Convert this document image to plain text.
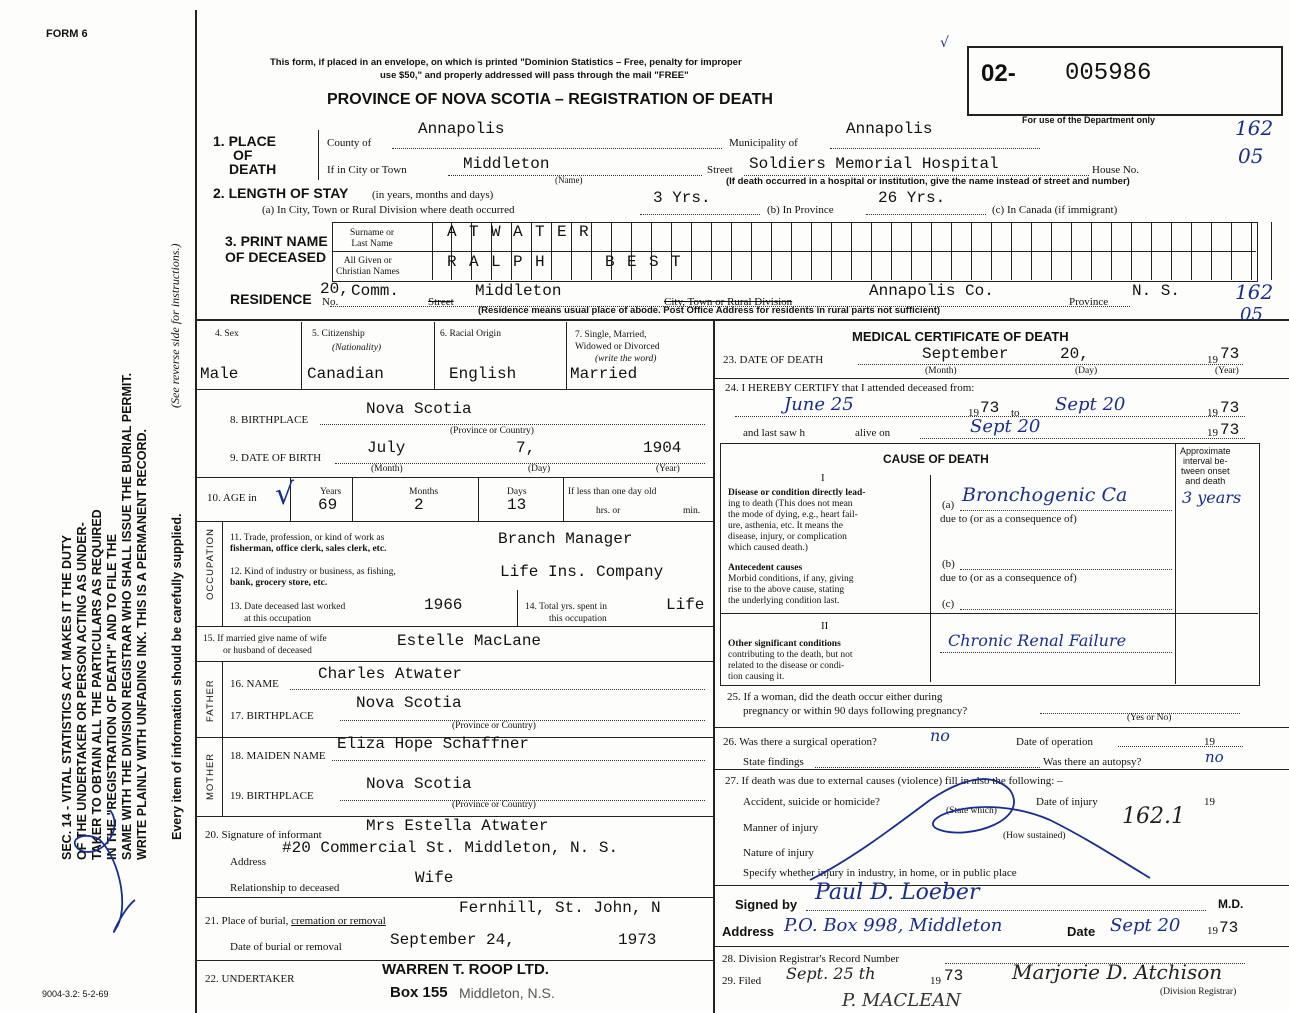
FORM 6
This form, if placed in an envelope, on which is printed "Dominion Statistics – Free, penalty for improper
use $50," and properly addressed will pass through the mail "FREE"
PROVINCE OF NOVA SCOTIA – REGISTRATION OF DEATH
√
02- 005986
For use of the Department only
SEC. 14 - VITAL STATISTICS ACT MAKES IT THE DUTY OF THE UNDERTAKER OR PERSON ACTING AS UNDER- TAKER TO OBTAIN ALL THE PARTICULARS AS REQUIRED IN THE "REGISTRATION OF DEATH" AND TO FILE THE SAME WITH THE DIVISION REGISTRAR WHO SHALL ISSUE THE BURIAL PERMIT. WRITE PLAINLY WITH UNFADING INK. THIS IS A PERMANENT RECORD.
(See reverse side for instructions.)
Every item of information should be carefully supplied.
9004-3.2: 5-2-69
1. PLACE
OF
DEATH
County of
Annapolis
Municipality of
Annapolis
If in City or Town	Middleton
(Name)
Street Soldiers Memorial Hospital	House No.
(If death occurred in a hospital or institution, give the name instead of street and number)
162
05
2. LENGTH OF STAY (in years, months and days)
(a) In City, Town or Rural Division where death occurred
3 Yrs.
(b) In Province
26 Yrs.
(c) In Canada (if immigrant)
3. PRINT NAME
OF DECEASED
Surname or
Last Name
All Given or
Christian Names
A T W A T E R
R A L P H	B E S T
RESIDENCE No.
20, Comm.
Street
Middleton
City, Town or Rural Division
Annapolis Co.
Province
N. S.
(Residence means usual place of abode. Post Office Address for residents in rural parts not sufficient)
162
05
4. Sex
Male
5. Citizenship
(Nationality)
Canadian
6. Racial Origin
English
7. Single, Married,
Widowed or Divorced
(write the word)
Married
8. BIRTHPLACE
Nova Scotia
(Province or Country)
9. DATE OF BIRTH
July	7,	1904
(Month)	(Day)	(Year)
10. AGE in √	Years	Months	Days
69	2	13
If less than one day old
hrs. or	min.
OCCUPATION 11. Trade, profession, or kind of work as
fisherman, office clerk, sales clerk, etc.
Branch Manager
12. Kind of industry or business, as fishing,
bank, grocery store, etc.
Life Ins. Company
13. Date deceased last worked
at this occupation
1966	14. Total yrs. spent in
this occupation
Life
15. If married give name of wife
or husband of deceased
Estelle MacLane
FATHER 16. NAME
Charles Atwater
17. BIRTHPLACE
Nova Scotia
(Province or Country)
MOTHER 18. MAIDEN NAME
Eliza Hope Schaffner
19. BIRTHPLACE
Nova Scotia
(Province or Country)
20. Signature of informant	Mrs Estella Atwater
Address
#20 Commercial St. Middleton, N. S.
Relationship to deceased
Wife
21. Place of burial, cremation or removal
Fernhill, St. John, N
Date of burial or removal	September 24,	1973
22. UNDERTAKER
WARREN T. ROOP LTD.
Box 155 Middleton, N.S.	P. MACLEAN
MEDICAL CERTIFICATE OF DEATH
23. DATE OF DEATH	September	20,	19 73
(Month)	(Day)	(Year)
24. I HEREBY CERTIFY that I attended deceased from:
June 25	19 73 to Sept 20	19 73
and last saw h	alive on	Sept 20	19 73
CAUSE OF DEATH
Approximate
interval be-
tween onset
and death
I
Disease or condition directly lead-
ing to death (This does not mean
the mode of dying, e.g., heart fail-
ure, asthenia, etc. It means the
disease, injury, or complication
which caused death.)
(a) Bronchogenic Ca	3 years
due to (or as a consequence of)
Antecedent causes
Morbid conditions, if any, giving
rise to the above cause, stating
the underlying condition last.
(b)
due to (or as a consequence of)
(c)
II
Other significant conditions
contributing to the death, but not
related to the disease or condi-
tion causing it.
Chronic Renal Failure
25. If a woman, did the death occur either during
pregnancy or within 90 days following pregnancy?
(Yes or No)
26. Was there a surgical operation?	no	Date of operation	19
State findings	Was there an autopsy?	no
27. If death was due to external causes (violence) fill in also the following: –
Accident, suicide or homicide?
(State which)
Date of injury	19
Manner of injury	162.1
(How sustained)
Nature of injury
Specify whether injury in industry, in home, or in public place
Signed by Paul D. Loeber	M.D.
Address P.O. Box 998, Middleton	Date Sept 20 19 73
28. Division Registrar's Record Number
29. Filed Sept. 25 th	19 73 Marjorie D. Atchison
(Division Registrar)
